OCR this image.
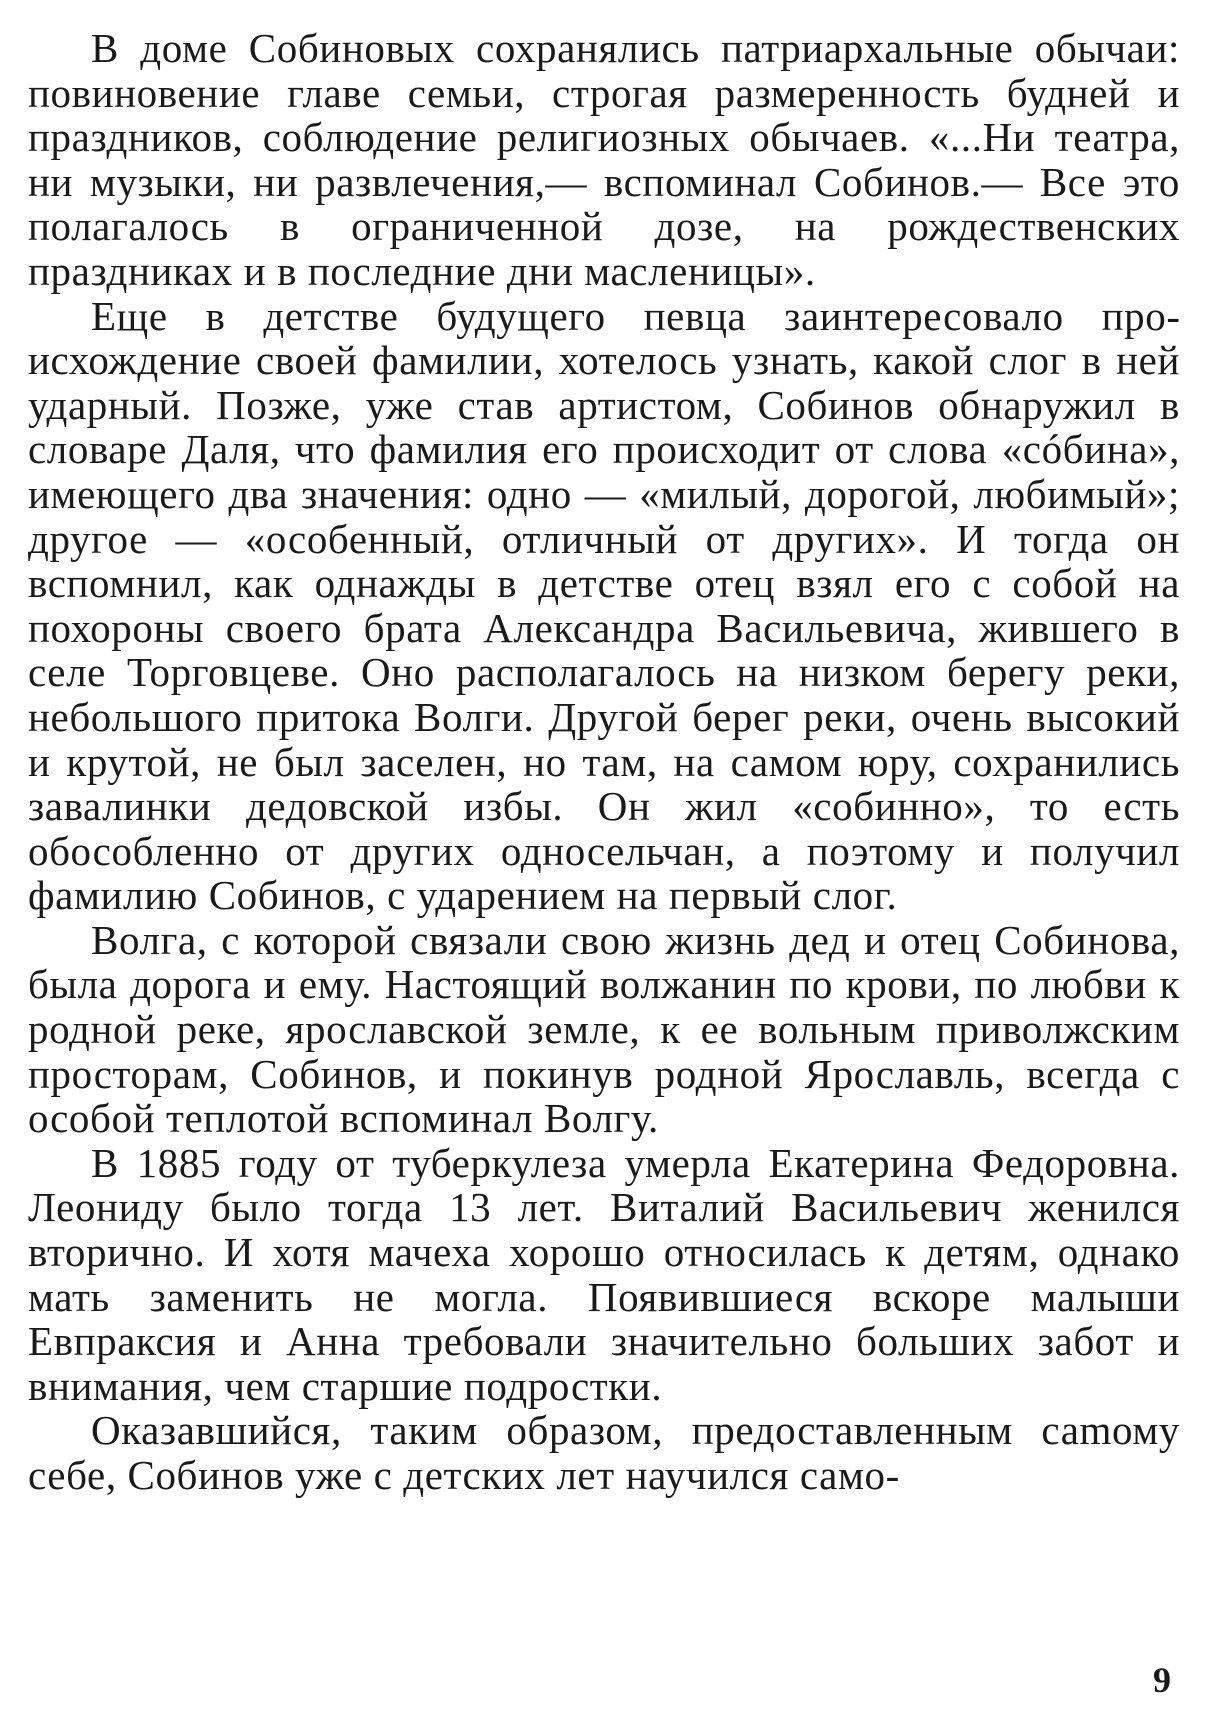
В доме Собиновых сохранялись патриархальные обычаи: повиновение главе семьи, строгая размеренность будней и праздников, соблюдение религиозных обычаев. «...Ни театра, ни музыки, ни развлечения,— вспоминал Собинов.— Все это полагалось в ограниченной дозе, на рождественских праздниках и в последние дни масленицы».

Еще в детстве будущего певца заинтересовало происхождение своей фамилии, хотелось узнать, какой слог в ней ударный. Позже, уже став артистом, Собинов обнаружил в словаре Даля, что фамилия его происходит от слова «сóбина», имеющего два значения: одно — «милый, дорогой, любимый»; другое — «особенный, отличный от других». И тогда он вспомнил, как однажды в детстве отец взял его с собой на похороны своего брата Александра Васильевича, жившего в селе Торговцеве. Оно располагалось на низком берегу реки, небольшого притока Волги. Другой берег реки, очень высокий и крутой, не был заселен, но там, на самом юру, сохранились завалинки дедовской избы. Он жил «собинно», то есть обособленно от других односельчан, а поэтому и получил фамилию Собинов, с ударением на первый слог.

Волга, с которой связали свою жизнь дед и отец Собинова, была дорога и ему. Настоящий волжанин по крови, по любви к родной реке, ярославской земле, к ее вольным приволжским просторам, Собинов, и покинув родной Ярославль, всегда с особой теплотой вспоминал Волгу.

В 1885 году от туберкулеза умерла Екатерина Федоровна. Леониду было тогда 13 лет. Виталий Васильевич женился вторично. И хотя мачеха хорошо относилась к детям, однако мать заменить не могла. Появившиеся вскоре малыши Евпраксия и Анна требовали значительно больших забот и внимания, чем старшие подростки.

Оказавшийся, таким образом, предоставленным саmому себе, Собинов уже с детских лет научился само-

9
